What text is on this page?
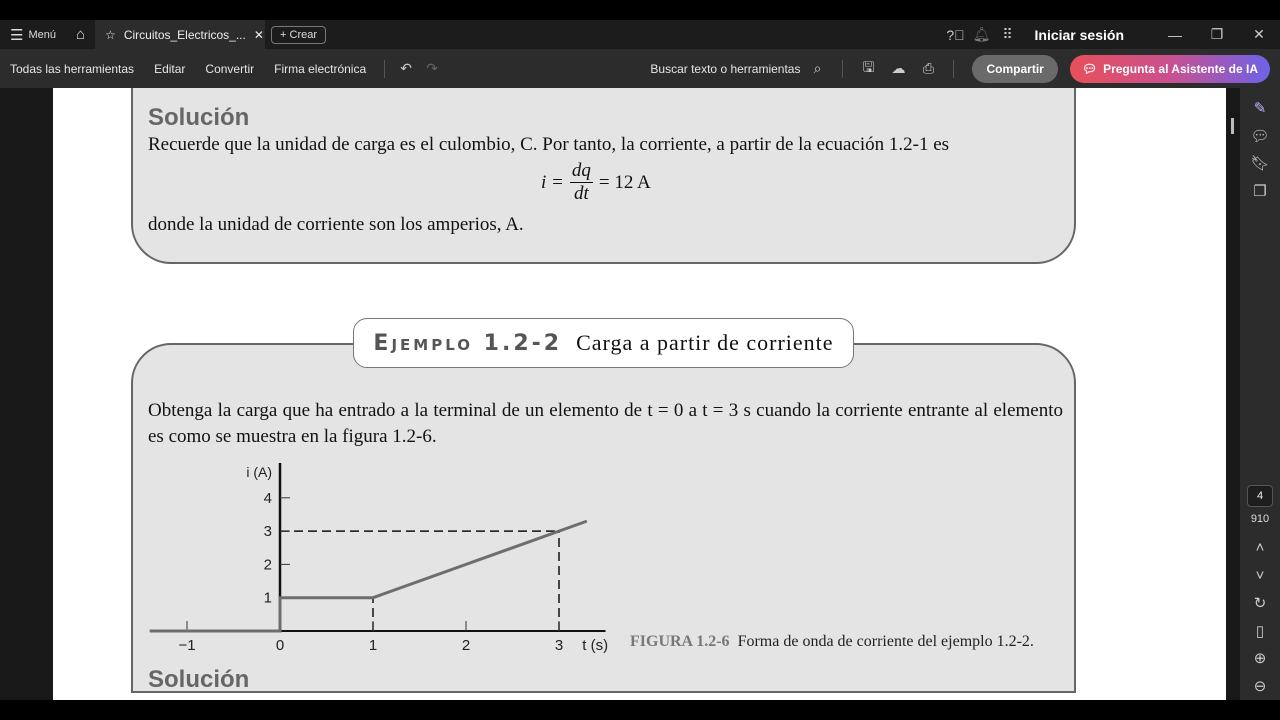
☰ Menú ⌂ ☆ Circuitos_Electricos_... ✕	+ Crear	?⃝ 🔔︎ ⠿	Iniciar sesión	—	❐	✕
Todas las herramientas	Editar	Convertir	Firma electrónica	↶	↷	Buscar texto o herramientas ⌕	🖫	☁	⎙	Compartir	💬︎ Pregunta al Asistente de IA
Solución
Recuerde que la unidad de carga es el culombio, C. Por tanto, la corriente, a partir de la ecuación 1.2-1 es
$i = \frac{dq}{dt} = 12$ A
donde la unidad de corriente son los amperios, A.
Ejemplo 1.2-2 Carga a partir de corriente
Obtenga la carga que ha entrado a la terminal de un elemento de t = 0 a t = 3 s cuando la corriente entrante al elemento es como se muestra en la figura 1.2-6.
−1	0	1	2	3
1
2
3
4
t (s)
i (A)
FIGURA 1.2-6 Forma de onda de corriente del ejemplo 1.2-2.
Solución
✎
💬︎
🔖︎
❐
4
910
˄
˅
↻
▯
⊕
⊖
